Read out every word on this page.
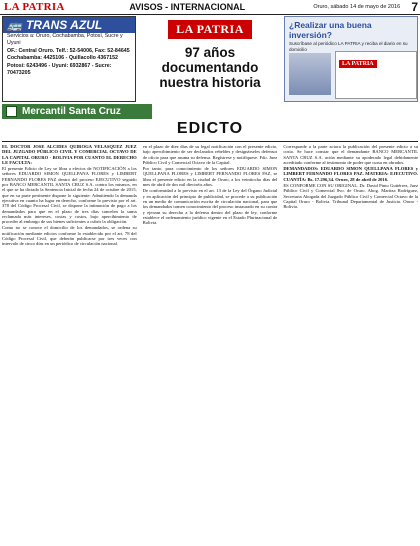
LA PATRIA	AVISOS - INTERNACIONAL	Oruro, sábado 14 de mayo de 2016 7
🚌 TRANS AZUL
Servicios a: Oruro, Cochabamba, Potosí, Sucre y Uyuni
OF.: Central Oruro. Telf.: 52-54006, Fax: 52-84645
Cochabamba: 4425106 - Quillacollo 4367152
Potosí: 6243496 - Uyuni: 6932867 - Sucre: 70473205
LA PATRIA
97 años documentando nuestra historia
¿Realizar una buena inversión?
Suscríbase al periódico LA PATRIA y reciba el diario en su domicilio
LA PATRIA
Mercantil Santa Cruz
EDICTO

EL DOCTOR JOSE ALCIDES QUIROGA VELASQUEZ JUEZ DEL JUZGADO PÚBLICO CIVIL Y COMERCIAL OCTAVO DE LA CAPITAL ORURO - BOLIVIA POR CUANTO EL DERECHO LE FACULTA:

El presente Edicto de Ley se libra a efectos de NOTIFICACIÓN a los señores EDUARDO SIMON QUELLPANA FLORES y LIMBERT FERNANDO FLORES PAZ dentro del proceso EJECUTIVO seguido por BANCO MERCANTIL SANTA CRUZ S.A. contra los mismos, en el que se ha dictado la Sentencia Inicial de fecha 24 de octubre de 2015, que en su parte pertinente dispone lo siguiente: Admitiendo la demanda ejecutiva en cuanto ha lugar en derecho, conforme lo previsto por el art. 378 del Código Procesal Civil, se dispone la intimación de pago a los demandados para que en el plazo de tres días cancelen la suma reclamada más intereses, costas y costos, bajo apercibimiento de proceder al embargo de sus bienes suficientes a cubrir la obligación.

Como no se conoce el domicilio de los demandados, se ordena su notificación mediante edictos conforme lo establecido por el art. 78 del Código Procesal Civil, que deberán publicarse por tres veces con intervalo de cinco días en un periódico de circulación nacional.

en el plazo de diez días de su legal notificación con el presente edicto, bajo apercibimiento de ser declarados rebeldes y designárseles defensor de oficio para que asuma su defensa. Regístrese y notifíquese. Fdo. Juez Público Civil y Comercial Octavo de la Capital.

Por tanto, para conocimiento de los señores EDUARDO SIMON QUELLPANA FLORES y LIMBERT FERNANDO FLORES PAZ, se libra el presente edicto en la ciudad de Oruro, a los veintiocho días del mes de abril de dos mil dieciséis años.

De conformidad a lo previsto en el art. 13 de la Ley del Órgano Judicial y en aplicación del principio de publicidad, se procede a su publicación en un medio de comunicación escrita de circulación nacional, para que los demandados tomen conocimiento del proceso instaurado en su contra y ejerzan su derecho a la defensa dentro del plazo de ley, conforme establece el ordenamiento jurídico vigente en el Estado Plurinacional de Bolivia.

Corresponde a la parte actora la publicación del presente edicto a su costo. Se hace constar que el demandante BANCO MERCANTIL SANTA CRUZ S.A. actúa mediante su apoderado legal debidamente acreditado conforme al testimonio de poder que cursa en obrados.

DEMANDADOS: EDUARDO SIMON QUELLPANA FLORES y LIMBERT FERNANDO FLORES PAZ. MATERIA: EJECUTIVO. CUANTÍA: Bs. 17.296,34. Oruro, 28 de abril de 2016.

ES CONFORME CON SU ORIGINAL. Dr. David Pinto Gutiérrez, Juez Público Civil y Comercial 8vo. de Oruro. Abog. Maritza Rodríguez, Secretaria Abogada del Juzgado Público Civil y Comercial Octavo de la Capital Oruro - Bolivia. Tribunal Departamental de Justicia. Oruro - Bolivia.
